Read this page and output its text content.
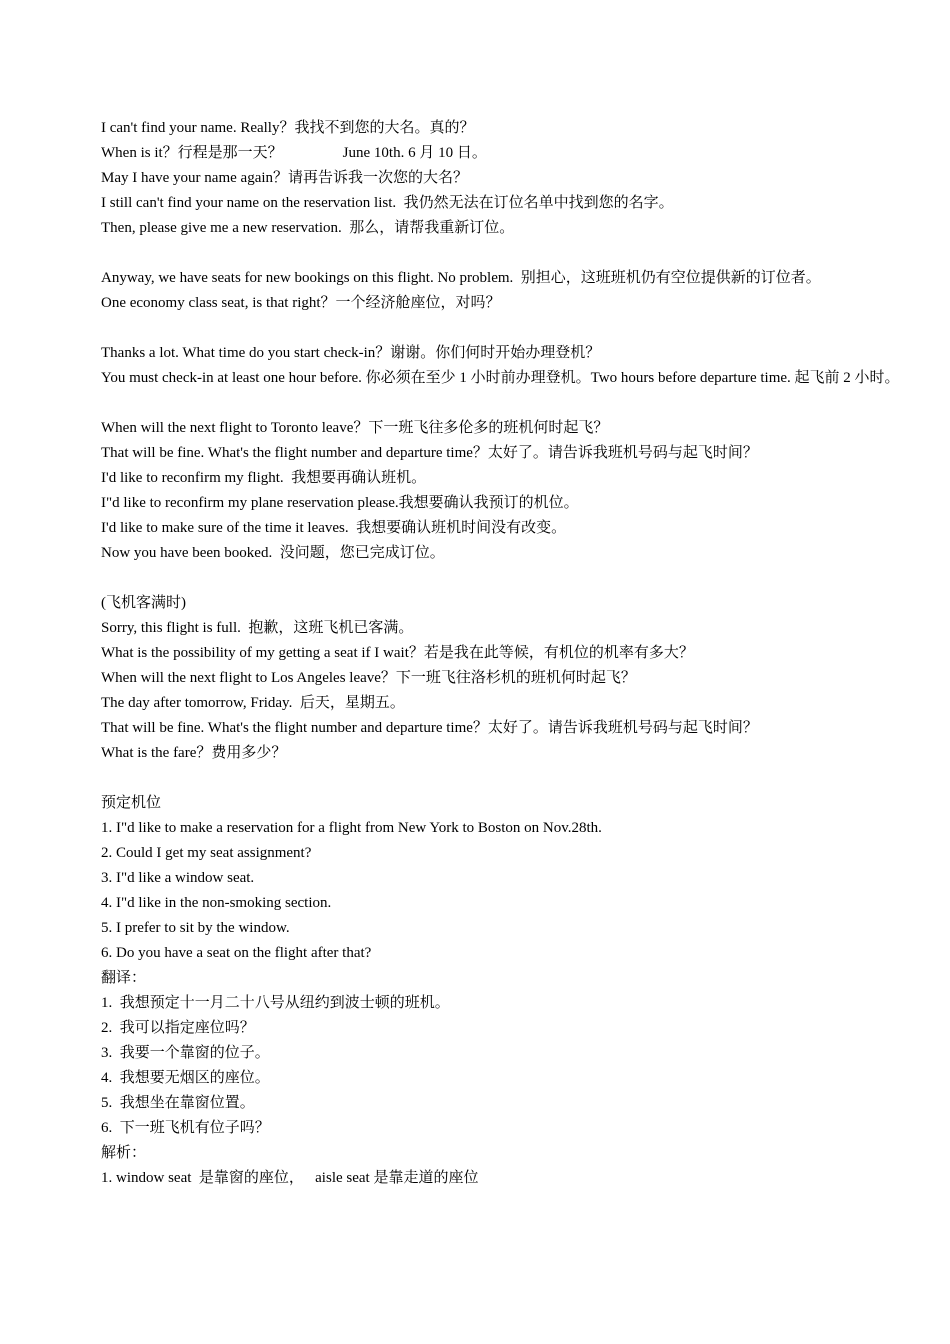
I can't find your name. Really？我找不到您的大名。真的？
When is it？行程是那一天？                June 10th. 6 月 10 日。
May I have your name again？请再告诉我一次您的大名？
I still can't find your name on the reservation list.  我仍然无法在订位名单中找到您的名字。
Then, please give me a new reservation.  那么，请帮我重新订位。
Anyway, we have seats for new bookings on this flight. No problem.  别担心，这班班机仍有空位提供新的订位者。
One economy class seat, is that right？一个经济舱座位，对吗？
Thanks a lot. What time do you start check-in？谢谢。你们何时开始办理登机？
You must check-in at least one hour before. 你必须在至少 1 小时前办理登机。Two hours before departure time. 起飞前 2 小时。
When will the next flight to Toronto leave？下一班飞往多伦多的班机何时起飞？
That will be fine. What's the flight number and departure time？太好了。请告诉我班机号码与起飞时间？
I'd like to reconfirm my flight.  我想要再确认班机。
I"d like to reconfirm my plane reservation please.我想要确认我预订的机位。
I'd like to make sure of the time it leaves.  我想要确认班机时间没有改变。
Now you have been booked.  没问题，您已完成订位。
(飞机客满时)
Sorry, this flight is full.  抱歉，这班飞机已客满。
What is the possibility of my getting a seat if I wait？若是我在此等候，有机位的机率有多大？
When will the next flight to Los Angeles leave？下一班飞往洛杉机的班机何时起飞？
The day after tomorrow, Friday.  后天，星期五。
That will be fine. What's the flight number and departure time？太好了。请告诉我班机号码与起飞时间？
What is the fare？费用多少？
预定机位
1. I"d like to make a reservation for a flight from New York to Boston on Nov.28th.
2. Could I get my seat assignment?
3. I"d like a window seat.
4. I"d like in the non-smoking section.
5. I prefer to sit by the window.
6. Do you have a seat on the flight after that?
翻译：
1.  我想预定十一月二十八号从纽约到波士顿的班机。
2.  我可以指定座位吗？
3.  我要一个靠窗的位子。
4.  我想要无烟区的座位。
5.  我想坐在靠窗位置。
6.  下一班飞机有位子吗？
解析：
1. window seat  是靠窗的座位，   aisle seat 是靠走道的座位
